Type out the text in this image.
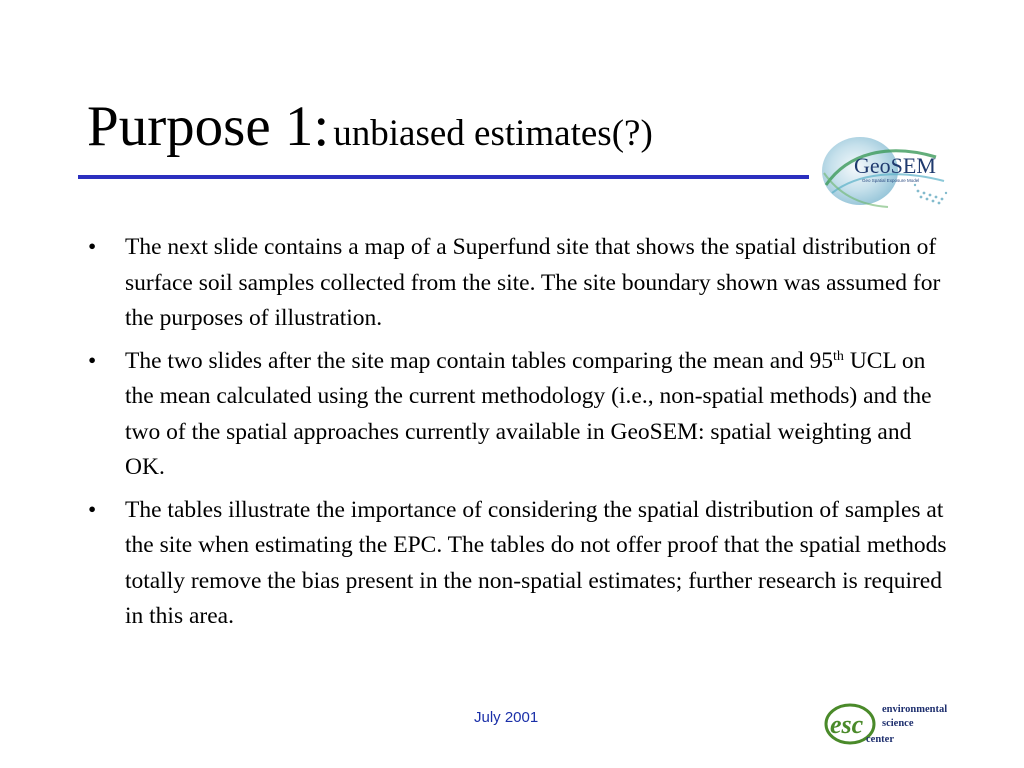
Purpose 1: unbiased estimates(?)
GeoSEM
Geo Spatial Exposure Model
• The next slide contains a map of a Superfund site that shows the spatial distribution of surface soil samples collected from the site. The site boundary shown was assumed for the purposes of illustration.
• The two slides after the site map contain tables comparing the mean and 95th UCL on the mean calculated using the current methodology (i.e., non-spatial methods) and the two of the spatial approaches currently available in GeoSEM: spatial weighting and OK.
• The tables illustrate the importance of considering the spatial distribution of samples at the site when estimating the EPC. The tables do not offer proof that the spatial methods totally remove the bias present in the non-spatial estimates; further research is required in this area.
July 2001	esc
environmental
science
center
